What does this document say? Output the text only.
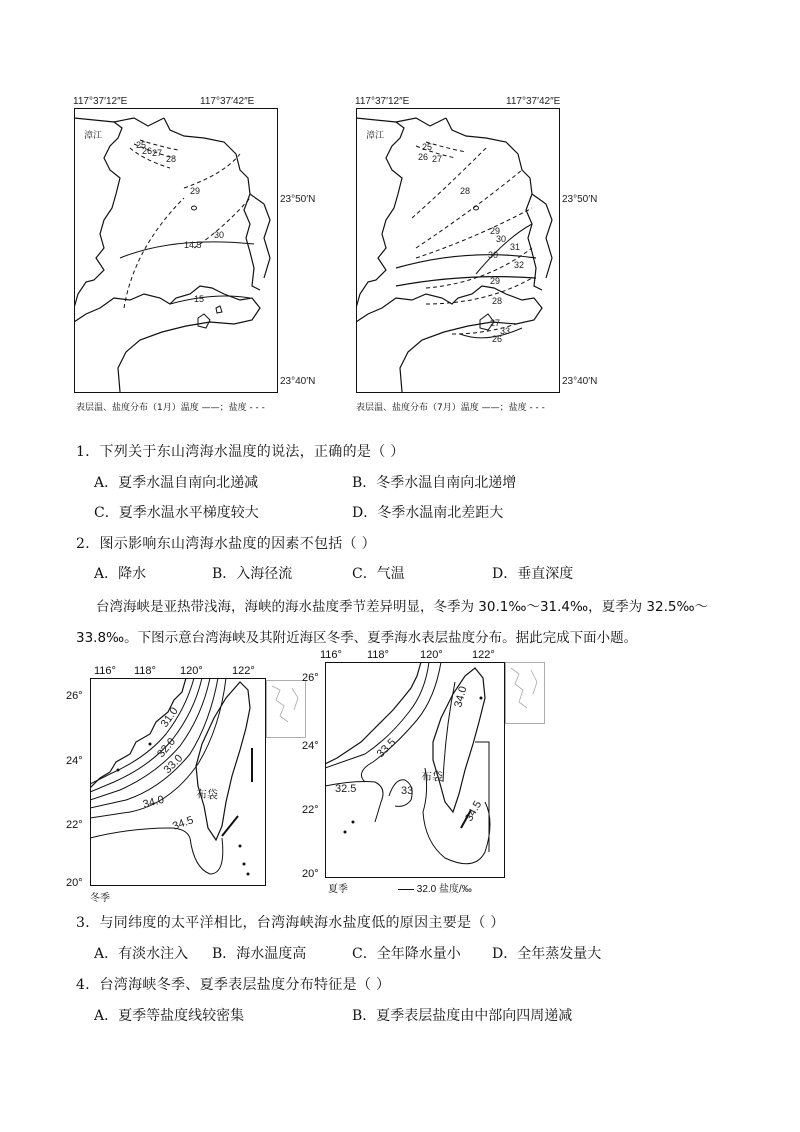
117°37′12″E	117°37′42″E
23°50′N
23°40′N
25
26 27
28
29
30
14.5
15
漳江
表层温、盐度分布（1月）温度 ——；盐度 - - -
117°37′12″E	117°37′42″E
23°50′N
23°40′N
25
26 27
28
29
30
31
32
30
29
28
27
33
26
漳江
表层温、盐度分布（7月）温度 ——；盐度 - - -
1．下列关于东山湾海水温度的说法，正确的是（ ）
A．夏季水温自南向北递减	B．冬季水温自南向北递增
C．夏季水温水平梯度较大	D．冬季水温南北差距大
2．图示影响东山湾海水盐度的因素不包括（ ）
A．降水	B．入海径流	C．气温	D．垂直深度
台湾海峡是亚热带浅海，海峡的海水盐度季节差异明显，冬季为 30.1‰～31.4‰，夏季为 32.5‰～
33.8‰。下图示意台湾海峡及其附近海区冬季、夏季海水表层盐度分布。据此完成下面小题。
116° 118° 120°	122°
26°
24°
22°
20°
31.0
32.0
33.0
34.0
34.5
布袋
冬季
116° 118°	120°	122°
26°
24°
22°
20°
34.0
33.5
32.5	33
34.5
布袋
夏季	32.0 盐度/‰
3．与同纬度的太平洋相比，台湾海峡海水盐度低的原因主要是（ ）
A．有淡水注入 B．海水温度高	C．全年降水量小 D．全年蒸发量大
4．台湾海峡冬季、夏季表层盐度分布特征是（ ）
A．夏季等盐度线较密集	B．夏季表层盐度由中部向四周递减
